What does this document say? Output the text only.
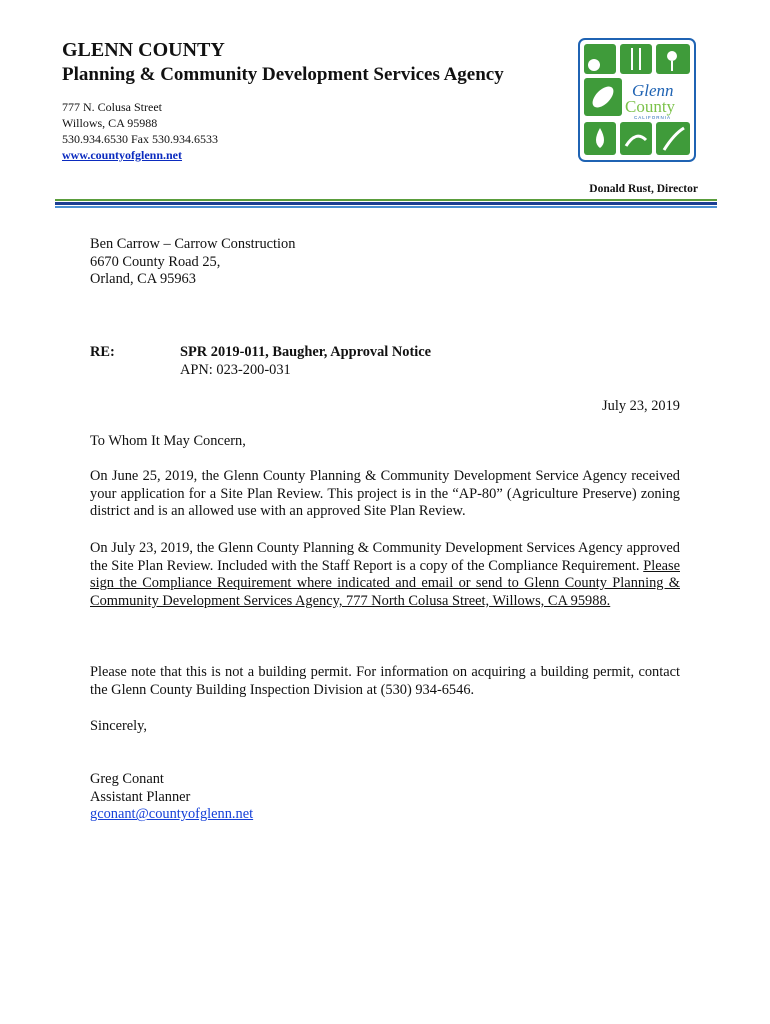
GLENN COUNTY
Planning & Community Development Services Agency
777 N. Colusa Street
Willows, CA 95988
530.934.6530 Fax 530.934.6533
www.countyofglenn.net
Glenn
County
CALIFORNIA
Donald Rust, Director
Ben Carrow – Carrow Construction
6670 County Road 25,
Orland, CA 95963
RE:	SPR 2019-011, Baugher, Approval Notice
APN: 023-200-031
July 23, 2019
To Whom It May Concern,
On June 25, 2019, the Glenn County Planning & Community Development Service Agency received your application for a Site Plan Review. This project is in the “AP-80” (Agriculture Preserve) zoning district and is an allowed use with an approved Site Plan Review.
On July 23, 2019, the Glenn County Planning & Community Development Services Agency approved the Site Plan Review. Included with the Staff Report is a copy of the Compliance Requirement. Please sign the Compliance Requirement where indicated and email or send to Glenn County Planning & Community Development Services Agency, 777 North Colusa Street, Willows, CA 95988.
Please note that this is not a building permit. For information on acquiring a building permit, contact the Glenn County Building Inspection Division at (530) 934-6546.
Sincerely,
Greg Conant
Assistant Planner
gconant@countyofglenn.net
